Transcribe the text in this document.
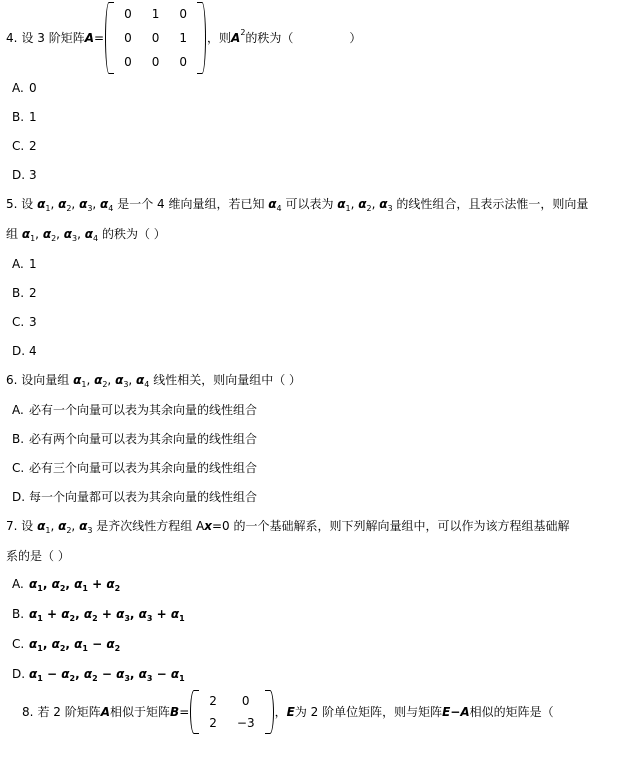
4. 设 3 阶矩阵 A =
0	1	0
0	0	1
0	0	0
，则 $A^2$ 的秩为（	）
A. 0
B. 1
C. 2
D. 3
5. 设 $\alpha_1$, $\alpha_2$, $\alpha_3$, $\alpha_4$ 是一个 4 维向量组，若已知 $\alpha_4$ 可以表为 $\alpha_1$, $\alpha_2$, $\alpha_3$ 的线性组合，且表示法惟一，则向量
组 $\alpha_1$, $\alpha_2$, $\alpha_3$, $\alpha_4$ 的秩为（ ）
A. 1
B. 2
C. 3
D. 4
6. 设向量组 $\alpha_1$, $\alpha_2$, $\alpha_3$, $\alpha_4$ 线性相关，则向量组中（ ）
A. 必有一个向量可以表为其余向量的线性组合
B. 必有两个向量可以表为其余向量的线性组合
C. 必有三个向量可以表为其余向量的线性组合
D. 每一个向量都可以表为其余向量的线性组合
7. 设 $\alpha_1$, $\alpha_2$, $\alpha_3$ 是齐次线性方程组 Ax=0 的一个基础解系，则下列解向量组中，可以作为该方程组基础解
系的是（ ）
A. $\alpha_1$, $\alpha_2$, $\alpha_1 + \alpha_2$
B. $\alpha_1 + \alpha_2$, $\alpha_2 + \alpha_3$, $\alpha_3 + \alpha_1$
C. $\alpha_1$, $\alpha_2$, $\alpha_1 - \alpha_2$
D. $\alpha_1 - \alpha_2$, $\alpha_2 - \alpha_3$, $\alpha_3 - \alpha_1$
8. 若 2 阶矩阵 A 相似于矩阵 B =
2	0
2	−3
， E 为 2 阶单位矩阵，则与矩阵 E−A 相似的矩阵是（
